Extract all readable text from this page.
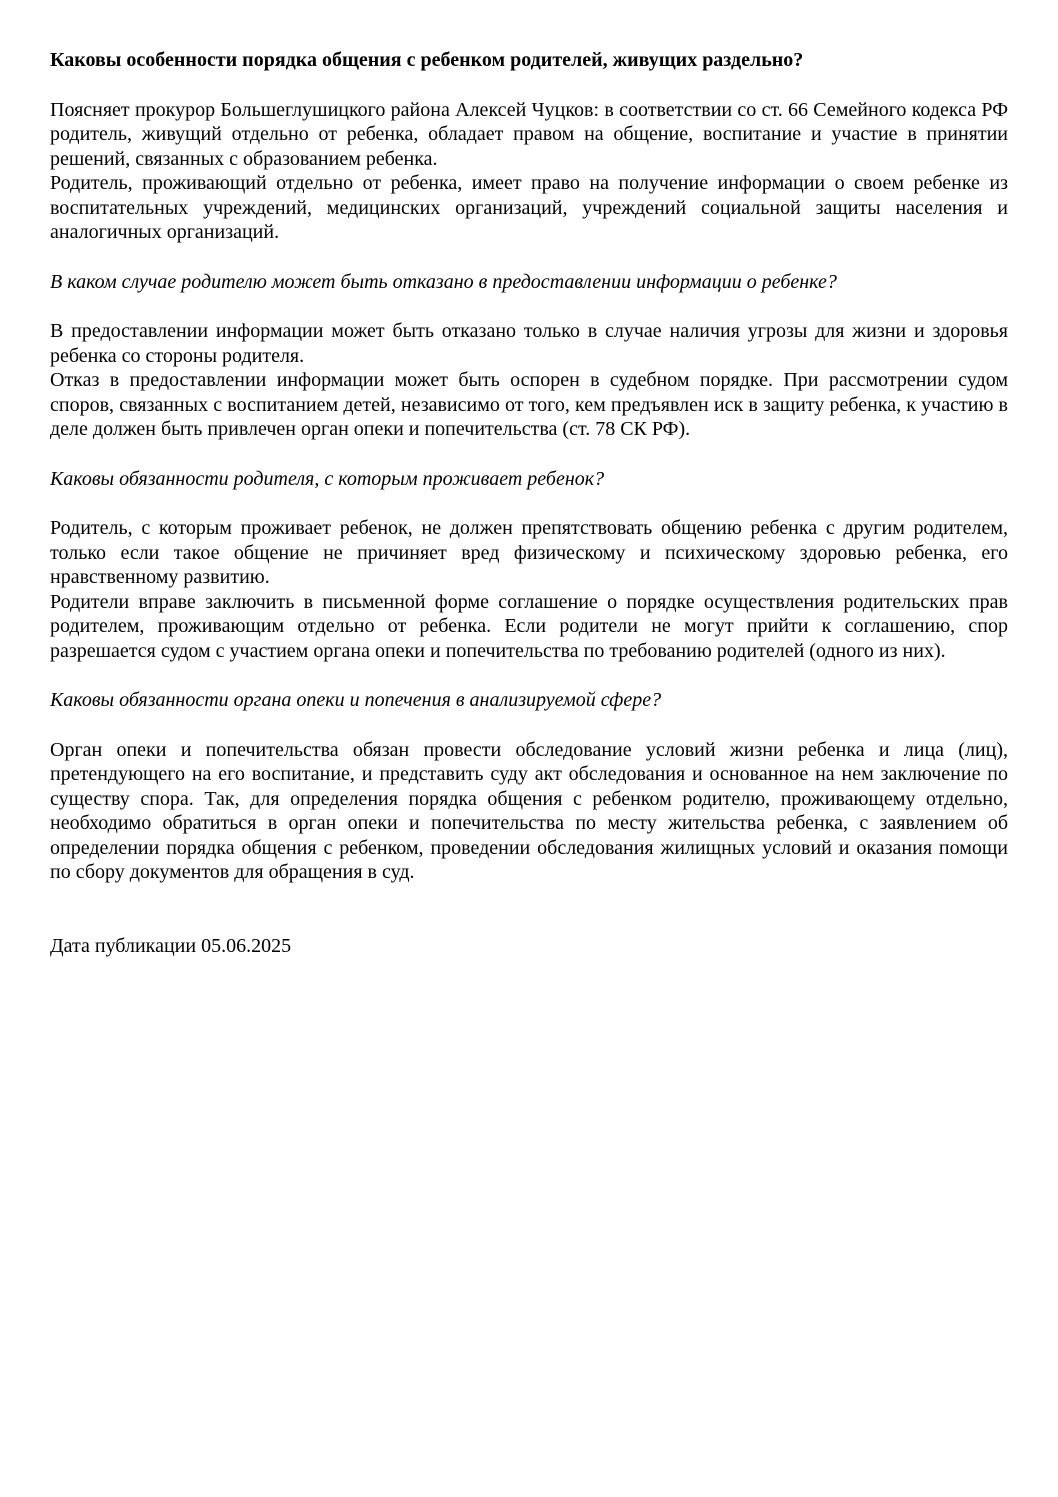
Каковы особенности порядка общения с ребенком родителей, живущих раздельно?

Поясняет прокурор Большеглушицкого района Алексей Чуцков: в соответствии со ст. 66 Семейного кодекса РФ родитель, живущий отдельно от ребенка, обладает правом на общение, воспитание и участие в принятии решений, связанных с образованием ребенка.

Родитель, проживающий отдельно от ребенка, имеет право на получение информации о своем ребенке из воспитательных учреждений, медицинских организаций, учреждений социальной защиты населения и аналогичных организаций.

В каком случае родителю может быть отказано в предоставлении информации о ребенке?

В предоставлении информации может быть отказано только в случае наличия угрозы для жизни и здоровья ребенка со стороны родителя.

Отказ в предоставлении информации может быть оспорен в судебном порядке. При рассмотрении судом споров, связанных с воспитанием детей, независимо от того, кем предъявлен иск в защиту ребенка, к участию в деле должен быть привлечен орган опеки и попечительства (ст. 78 СК РФ).

Каковы обязанности родителя, с которым проживает ребенок?

Родитель, с которым проживает ребенок, не должен препятствовать общению ребенка с другим родителем, только если такое общение не причиняет вред физическому и психическому здоровью ребенка, его нравственному развитию.

Родители вправе заключить в письменной форме соглашение о порядке осуществления родительских прав родителем, проживающим отдельно от ребенка. Если родители не могут прийти к соглашению, спор разрешается судом с участием органа опеки и попечительства по требованию родителей (одного из них).

Каковы обязанности органа опеки и попечения в анализируемой сфере?

Орган опеки и попечительства обязан провести обследование условий жизни ребенка и лица (лиц), претендующего на его воспитание, и представить суду акт обследования и основанное на нем заключение по существу спора. Так, для определения порядка общения с ребенком родителю, проживающему отдельно, необходимо обратиться в орган опеки и попечительства по месту жительства ребенка, с заявлением об определении порядка общения с ребенком, проведении обследования жилищных условий и оказания помощи по сбору документов для обращения в суд.

Дата публикации 05.06.2025
